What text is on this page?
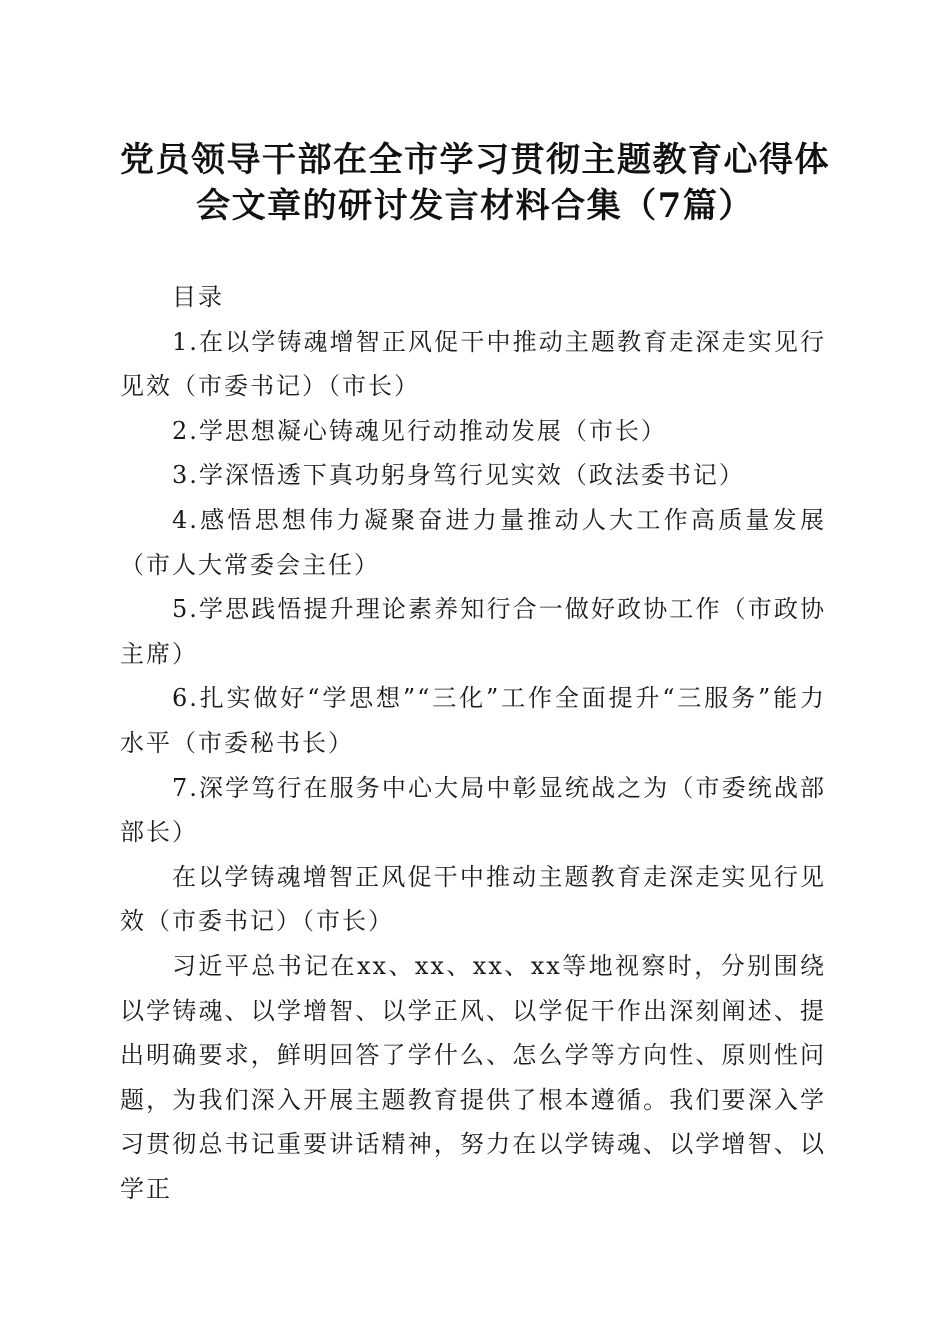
党员领导干部在全市学习贯彻主题教育心得体
会文章的研讨发言材料合集（7篇）

目录

1.在以学铸魂增智正风促干中推动主题教育走深走实见行见效（市委书记）（市长）

2.学思想凝心铸魂见行动推动发展（市长）

3.学深悟透下真功躬身笃行见实效（政法委书记）

4.感悟思想伟力凝聚奋进力量推动人大工作高质量发展（市人大常委会主任）

5.学思践悟提升理论素养知行合一做好政协工作（市政协主席）

6.扎实做好“学思想”“三化”工作全面提升“三服务”能力水平（市委秘书长）

7.深学笃行在服务中心大局中彰显统战之为（市委统战部部长）

在以学铸魂增智正风促干中推动主题教育走深走实见行见效（市委书记）（市长）

习近平总书记在xx、xx、xx、xx等地视察时，分别围绕以学铸魂、以学增智、以学正风、以学促干作出深刻阐述、提出明确要求，鲜明回答了学什么、怎么学等方向性、原则性问题，为我们深入开展主题教育提供了根本遵循。我们要深入学习贯彻总书记重要讲话精神，努力在以学铸魂、以学增智、以学正
